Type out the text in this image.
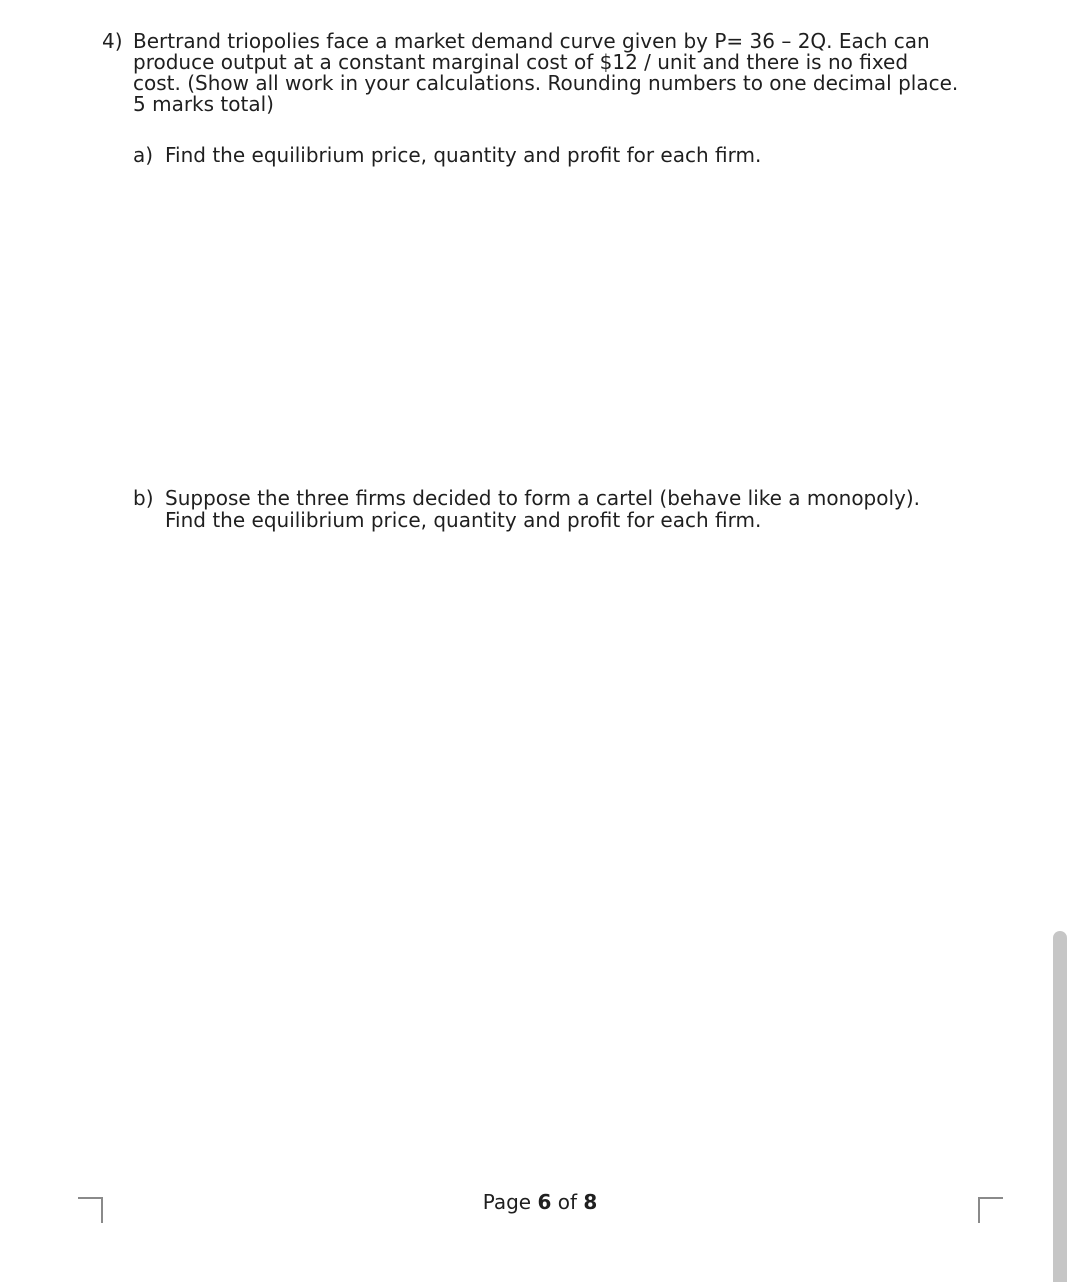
4) Bertrand triopolies face a market demand curve given by P= 36 – 2Q. Each can
produce output at a constant marginal cost of $12 / unit and there is no fixed
cost. (Show all work in your calculations. Rounding numbers to one decimal place.
5 marks total)
a) Find the equilibrium price, quantity and profit for each firm.
b) Suppose the three firms decided to form a cartel (behave like a monopoly).
Find the equilibrium price, quantity and profit for each firm.
Page 6 of 8
